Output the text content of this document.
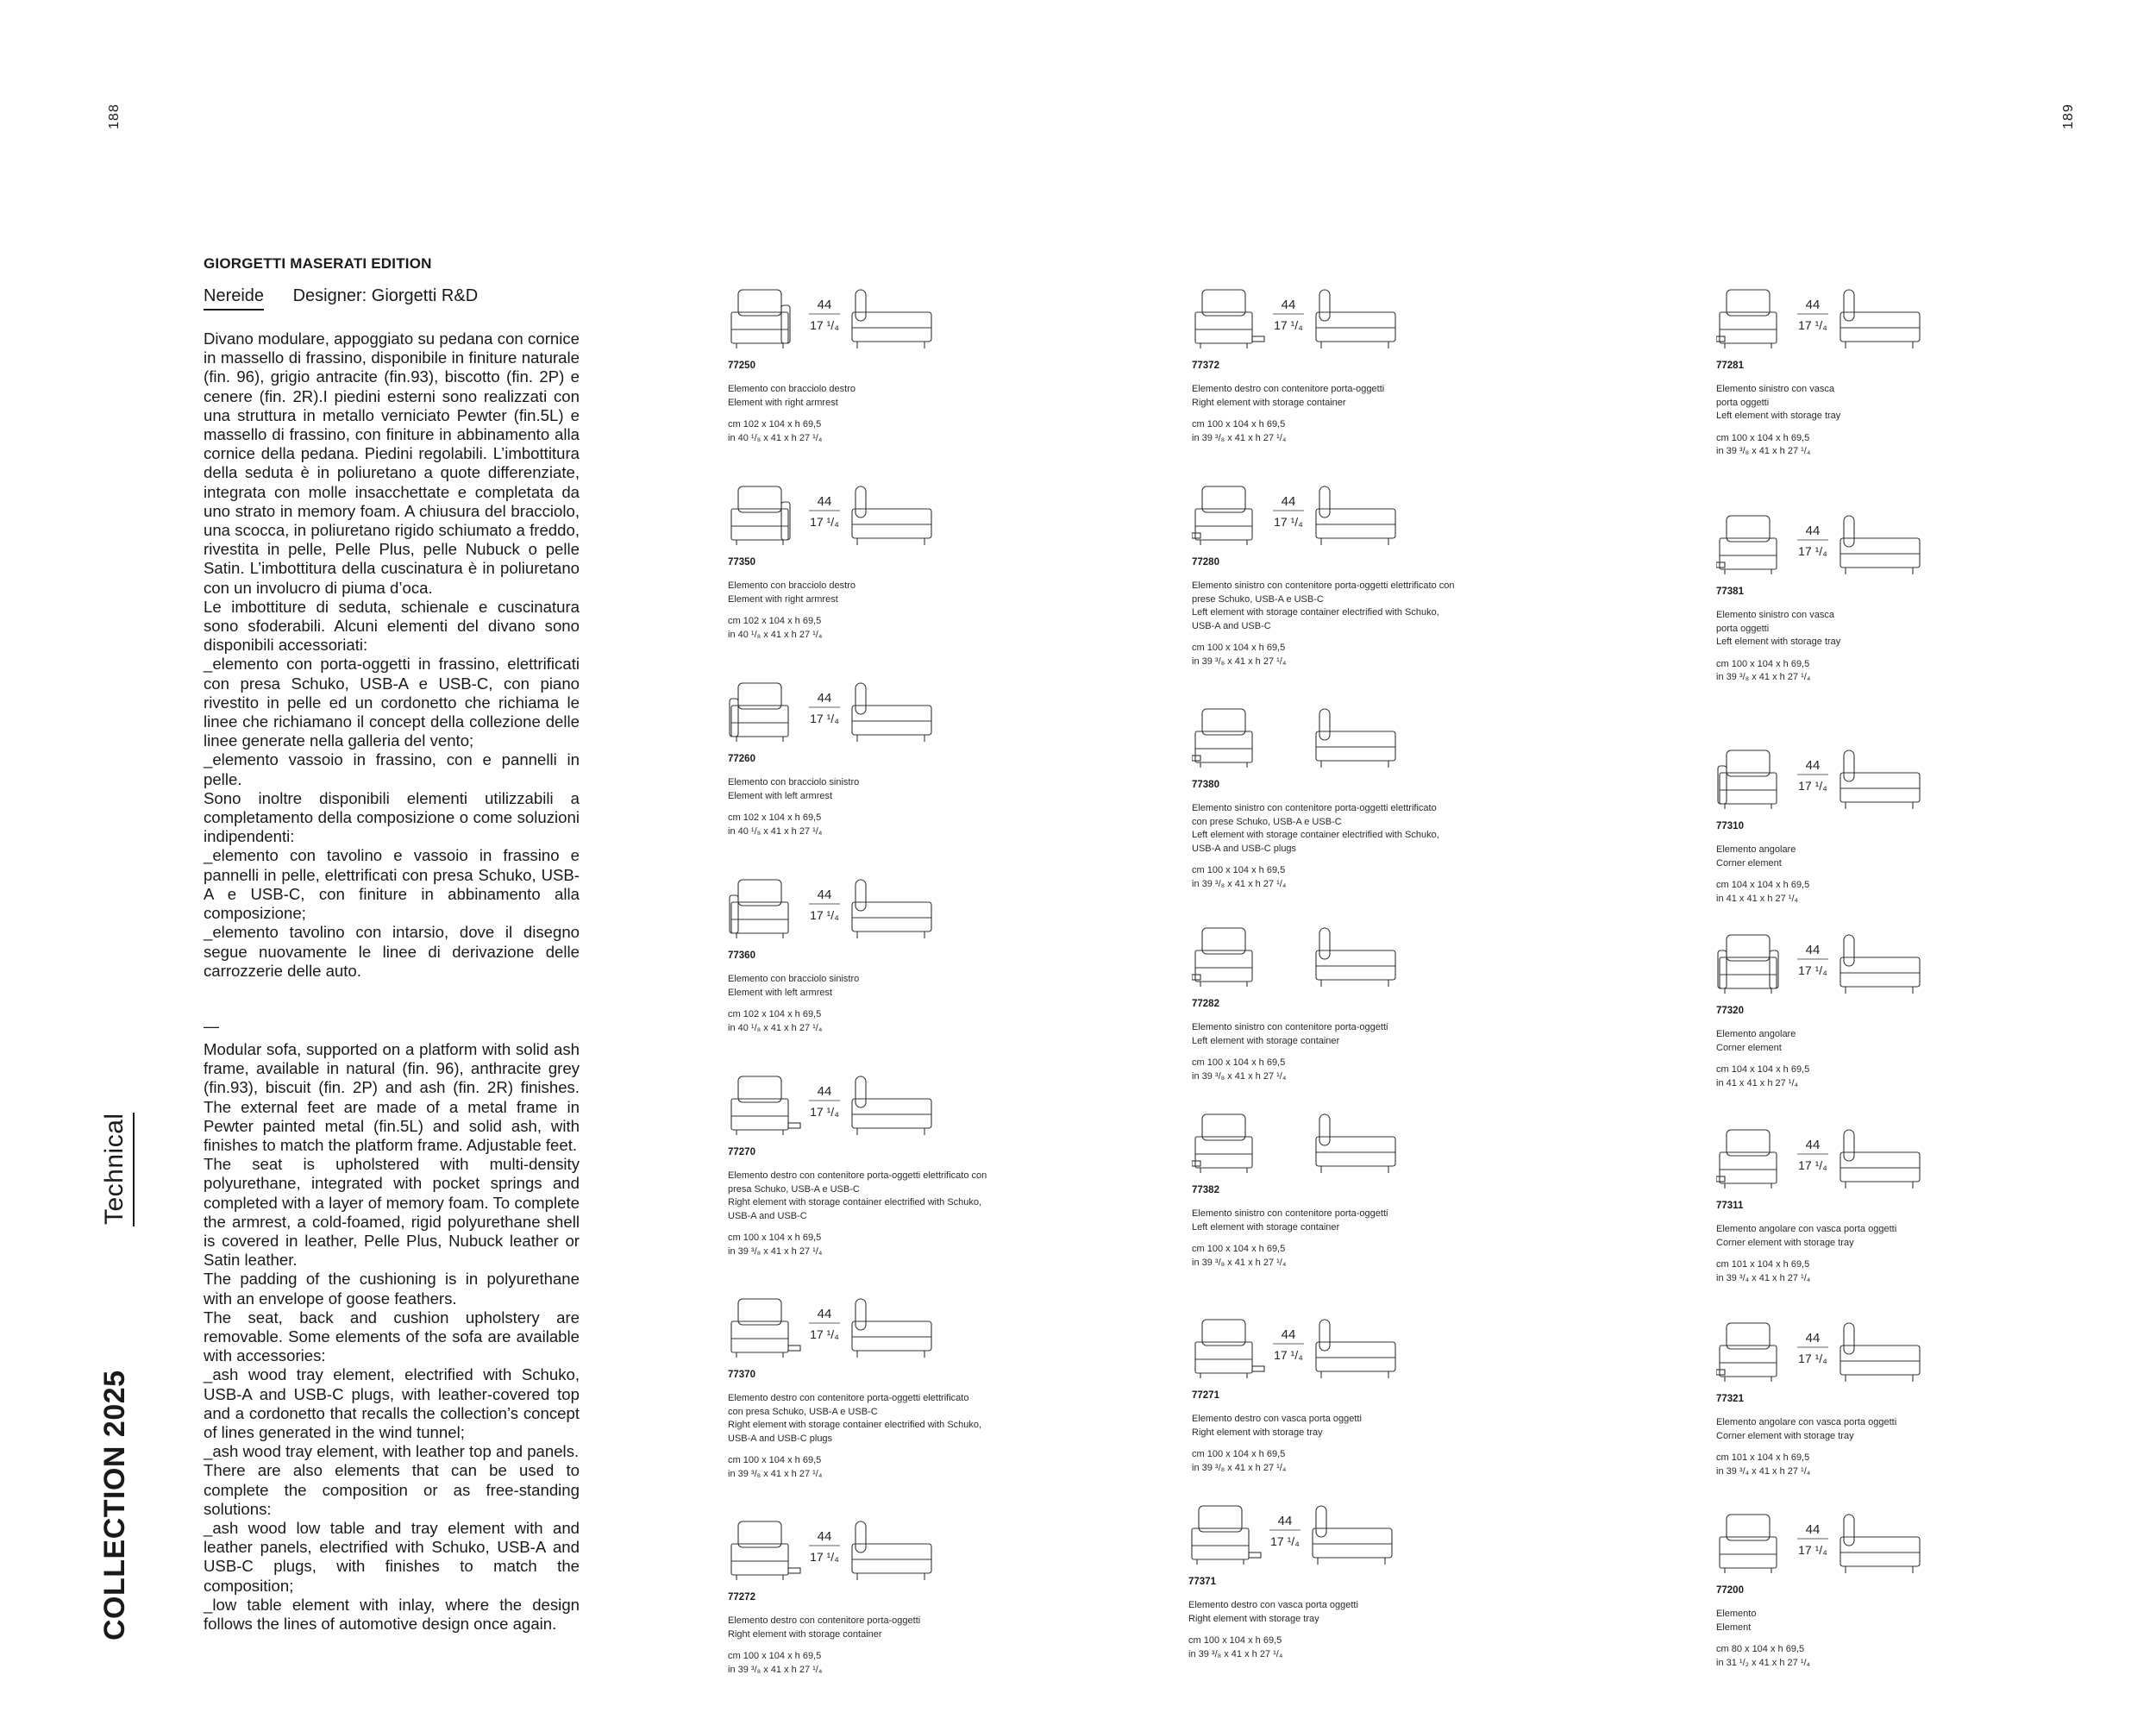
188	189
Technical
COLLECTION 2025
GIORGETTI MASERATI EDITION
Nereide Designer: Giorgetti R&D
Divano modulare, appoggiato su pedana con cornice in massello di frassino, disponibile in finiture naturale (fin. 96), grigio antracite (fin.93), biscotto (fin. 2P) e cenere (fin. 2R).I piedini esterni sono realizzati con una struttura in metallo verniciato Pewter (fin.5L) e massello di frassino, con finiture in abbinamento alla cornice della pedana. Piedini regolabili. L’imbottitura della seduta è in poliuretano a quote differenziate, integrata con molle insacchettate e completata da uno strato in memory foam. A chiusura del bracciolo, una scocca, in poliuretano rigido schiumato a freddo, rivestita in pelle, Pelle Plus, pelle Nubuck o pelle Satin. L’imbottitura della cuscinatura è in poliuretano con un involucro di piuma d’oca.
Le imbottiture di seduta, schienale e cuscinatura sono sfoderabili. Alcuni elementi del divano sono disponibili accessoriati:
_elemento con porta-oggetti in frassino, elettrificati con presa Schuko, USB-A e USB-C, con piano rivestito in pelle ed un cordonetto che richiama le linee che richiamano il concept della collezione delle linee generate nella galleria del vento;
_elemento vassoio in frassino, con e pannelli in pelle.
Sono inoltre disponibili elementi utilizzabili a completamento della composizione o come soluzioni indipendenti:
_elemento con tavolino e vassoio in frassino e pannelli in pelle, elettrificati con presa Schuko, USB-A e USB-C, con finiture in abbinamento alla composizione;
_elemento tavolino con intarsio, dove il disegno segue nuovamente le linee di derivazione delle carrozzerie delle auto.
—
Modular sofa, supported on a platform with solid ash frame, available in natural (fin. 96), anthracite grey (fin.93), biscuit (fin. 2P) and ash (fin. 2R) finishes. The external feet are made of a metal frame in Pewter painted metal (fin.5L) and solid ash, with finishes to match the platform frame. Adjustable feet.
The seat is upholstered with multi-density polyurethane, integrated with pocket springs and completed with a layer of memory foam. To complete the armrest, a cold-foamed, rigid polyurethane shell is covered in leather, Pelle Plus, Nubuck leather or Satin leather.
The padding of the cushioning is in polyurethane with an envelope of goose feathers.
The seat, back and cushion upholstery are removable. Some elements of the sofa are available with accessories:
_ash wood tray element, electrified with Schuko, USB-A and USB-C plugs, with leather-covered top and a cordonetto that recalls the collection’s concept of lines generated in the wind tunnel;
_ash wood tray element, with leather top and panels.
There are also elements that can be used to complete the composition or as free-standing solutions:
_ash wood low table and tray element with and leather panels, electrified with Schuko, USB-A and USB-C plugs, with finishes to match the composition;
_low table element with inlay, where the design follows the lines of automotive design once again.
44
17 ¹/₄
77250
Elemento con bracciolo destro
Element with right armrest
cm 102 x 104 x h 69,5
in 40 ¹/₈ x 41 x h 27 ¹/₄
44
17 ¹/₄
77350
Elemento con bracciolo destro
Element with right armrest
cm 102 x 104 x h 69,5
in 40 ¹/₈ x 41 x h 27 ¹/₄
44
17 ¹/₄
77260
Elemento con bracciolo sinistro
Element with left armrest
cm 102 x 104 x h 69,5
in 40 ¹/₈ x 41 x h 27 ¹/₄
44
17 ¹/₄
77360
Elemento con bracciolo sinistro
Element with left armrest
cm 102 x 104 x h 69,5
in 40 ¹/₈ x 41 x h 27 ¹/₄
44
17 ¹/₄
77270
Elemento destro con contenitore porta-oggetti elettrificato con
presa Schuko, USB-A e USB-C
Right element with storage container electrified with Schuko,
USB-A and USB-C
cm 100 x 104 x h 69,5
in 39 ³/₈ x 41 x h 27 ¹/₄
44
17 ¹/₄
77370
Elemento destro con contenitore porta-oggetti elettrificato
con presa Schuko, USB-A e USB-C
Right element with storage container electrified with Schuko,
USB-A and USB-C plugs
cm 100 x 104 x h 69,5
in 39 ³/₈ x 41 x h 27 ¹/₄
44
17 ¹/₄
77272
Elemento destro con contenitore porta-oggetti
Right element with storage container
cm 100 x 104 x h 69,5
in 39 ³/₈ x 41 x h 27 ¹/₄
44
17 ¹/₄
77372
Elemento destro con contenitore porta-oggetti
Right element with storage container
cm 100 x 104 x h 69,5
in 39 ³/₈ x 41 x h 27 ¹/₄
44
17 ¹/₄
77280
Elemento sinistro con contenitore porta-oggetti elettrificato con
prese Schuko, USB-A e USB-C
Left element with storage container electrified with Schuko,
USB-A and USB-C
cm 100 x 104 x h 69,5
in 39 ³/₈ x 41 x h 27 ¹/₄
77380
Elemento sinistro con contenitore porta-oggetti elettrificato
con prese Schuko, USB-A e USB-C
Left element with storage container electrified with Schuko,
USB-A and USB-C plugs
cm 100 x 104 x h 69,5
in 39 ³/₈ x 41 x h 27 ¹/₄
77282
Elemento sinistro con contenitore porta-oggetti
Left element with storage container
cm 100 x 104 x h 69,5
in 39 ³/₈ x 41 x h 27 ¹/₄
77382
Elemento sinistro con contenitore porta-oggetti
Left element with storage container
cm 100 x 104 x h 69,5
in 39 ³/₈ x 41 x h 27 ¹/₄
44
17 ¹/₄
77271
Elemento destro con vasca porta oggetti
Right element with storage tray
cm 100 x 104 x h 69,5
in 39 ³/₈ x 41 x h 27 ¹/₄
44
17 ¹/₄
77371
Elemento destro con vasca porta oggetti
Right element with storage tray
cm 100 x 104 x h 69,5
in 39 ³/₈ x 41 x h 27 ¹/₄
44
17 ¹/₄
77281
Elemento sinistro con vasca
porta oggetti
Left element with storage tray
cm 100 x 104 x h 69,5
in 39 ³/₈ x 41 x h 27 ¹/₄
44
17 ¹/₄
77381
Elemento sinistro con vasca
porta oggetti
Left element with storage tray
cm 100 x 104 x h 69,5
in 39 ³/₈ x 41 x h 27 ¹/₄
44
17 ¹/₄
77310
Elemento angolare
Corner element
cm 104 x 104 x h 69,5
in 41 x 41 x h 27 ¹/₄
44
17 ¹/₄
77320
Elemento angolare
Corner element
cm 104 x 104 x h 69,5
in 41 x 41 x h 27 ¹/₄
44
17 ¹/₄
77311
Elemento angolare con vasca porta oggetti
Corner element with storage tray
cm 101 x 104 x h 69,5
in 39 ³/₄ x 41 x h 27 ¹/₄
44
17 ¹/₄
77321
Elemento angolare con vasca porta oggetti
Corner element with storage tray
cm 101 x 104 x h 69,5
in 39 ³/₄ x 41 x h 27 ¹/₄
44
17 ¹/₄
77200
Elemento
Element
cm 80 x 104 x h 69,5
in 31 ¹/₂ x 41 x h 27 ¹/₄
